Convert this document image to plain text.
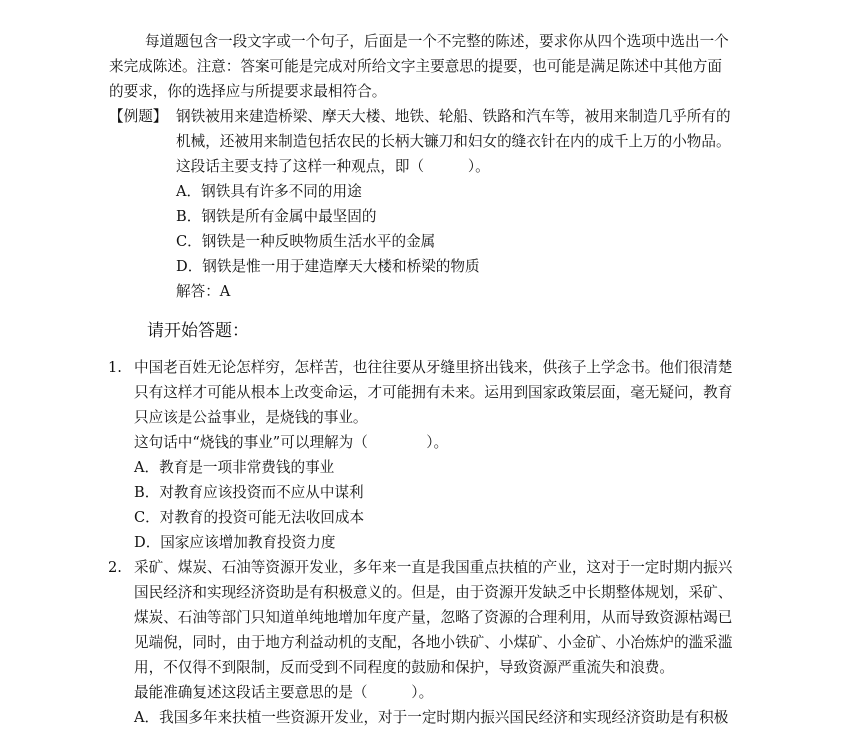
每道题包含一段文字或一个句子，后面是一个不完整的陈述，要求你从四个选项中选出一个
来完成陈述。注意：答案可能是完成对所给文字主要意思的提要，也可能是满足陈述中其他方面
的要求，你的选择应与所提要求最相符合。
【例题】 钢铁被用来建造桥梁、摩天大楼、地铁、轮船、铁路和汽车等，被用来制造几乎所有的
机械，还被用来制造包括农民的长柄大镰刀和妇女的缝衣针在内的成千上万的小物品。
这段话主要支持了这样一种观点，即（　　　）。
A．钢铁具有许多不同的用途
B．钢铁是所有金属中最坚固的
C．钢铁是一种反映物质生活水平的金属
D．钢铁是惟一用于建造摩天大楼和桥梁的物质
解答：A
请开始答题：
1. 中国老百姓无论怎样穷，怎样苦，也往往要从牙缝里挤出钱来，供孩子上学念书。他们很清楚
只有这样才可能从根本上改变命运，才可能拥有未来。运用到国家政策层面，毫无疑问，教育
只应该是公益事业，是烧钱的事业。
这句话中“烧钱的事业”可以理解为（　　　　）。
A．教育是一项非常费钱的事业
B．对教育应该投资而不应从中谋利
C．对教育的投资可能无法收回成本
D．国家应该增加教育投资力度
2. 采矿、煤炭、石油等资源开发业，多年来一直是我国重点扶植的产业，这对于一定时期内振兴
国民经济和实现经济资助是有积极意义的。但是，由于资源开发缺乏中长期整体规划，采矿、
煤炭、石油等部门只知道单纯地增加年度产量，忽略了资源的合理利用，从而导致资源枯竭已
见端倪，同时，由于地方利益动机的支配，各地小铁矿、小煤矿、小金矿、小冶炼炉的滥采滥
用，不仅得不到限制，反而受到不同程度的鼓励和保护，导致资源严重流失和浪费。
最能准确复述这段话主要意思的是（　　　）。
A．我国多年来扶植一些资源开发业，对于一定时期内振兴国民经济和实现经济资助是有积极
